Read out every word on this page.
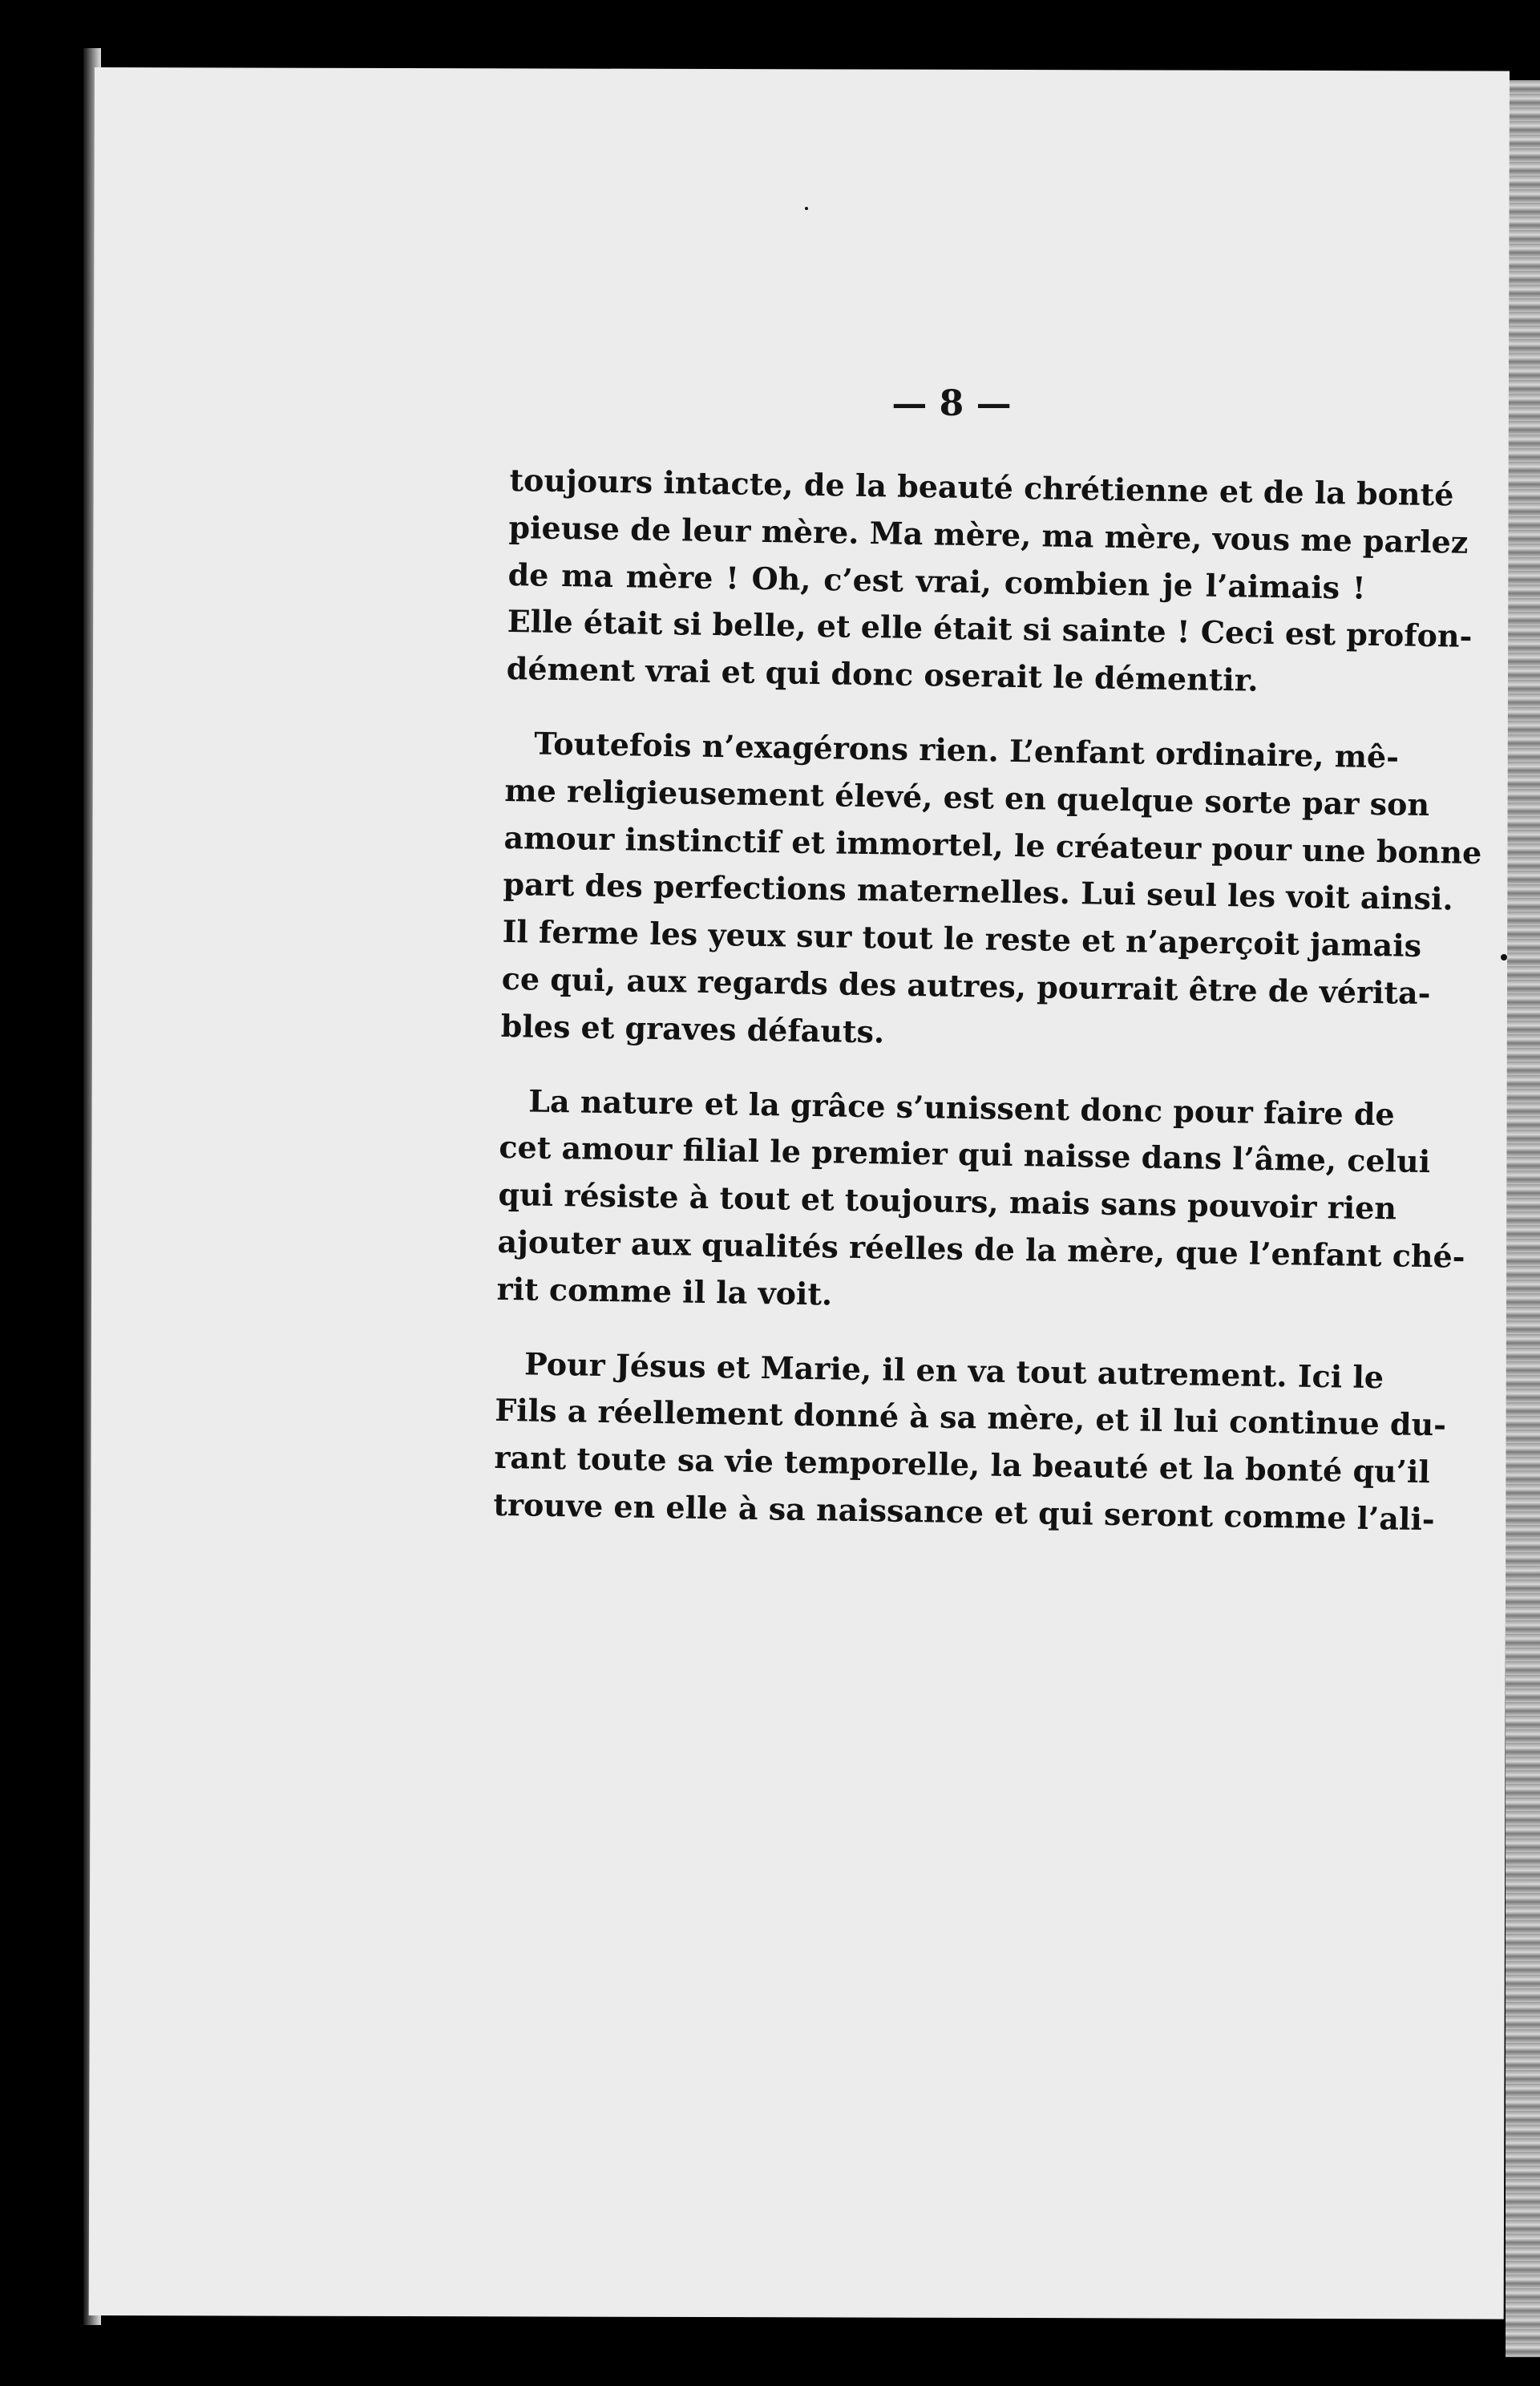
— 8 —
toujours intacte, de la beauté chrétienne et de la bonté
pieuse de leur mère. Ma mère, ma mère, vous me parlez
de ma mère ! Oh, c’est vrai, combien je l’aimais !
Elle était si belle, et elle était si sainte ! Ceci est profon-
dément vrai et qui donc oserait le démentir.
Toutefois n’exagérons rien. L’enfant ordinaire, mê-
me religieusement élevé, est en quelque sorte par son
amour instinctif et immortel, le créateur pour une bonne
part des perfections maternelles. Lui seul les voit ainsi.
Il ferme les yeux sur tout le reste et n’aperçoit jamais
ce qui, aux regards des autres, pourrait être de vérita-
bles et graves défauts.
La nature et la grâce s’unissent donc pour faire de
cet amour filial le premier qui naisse dans l’âme, celui
qui résiste à tout et toujours, mais sans pouvoir rien
ajouter aux qualités réelles de la mère, que l’enfant ché-
rit comme il la voit.
Pour Jésus et Marie, il en va tout autrement. Ici le
Fils a réellement donné à sa mère, et il lui continue du-
rant toute sa vie temporelle, la beauté et la bonté qu’il
trouve en elle à sa naissance et qui seront comme l’ali-
